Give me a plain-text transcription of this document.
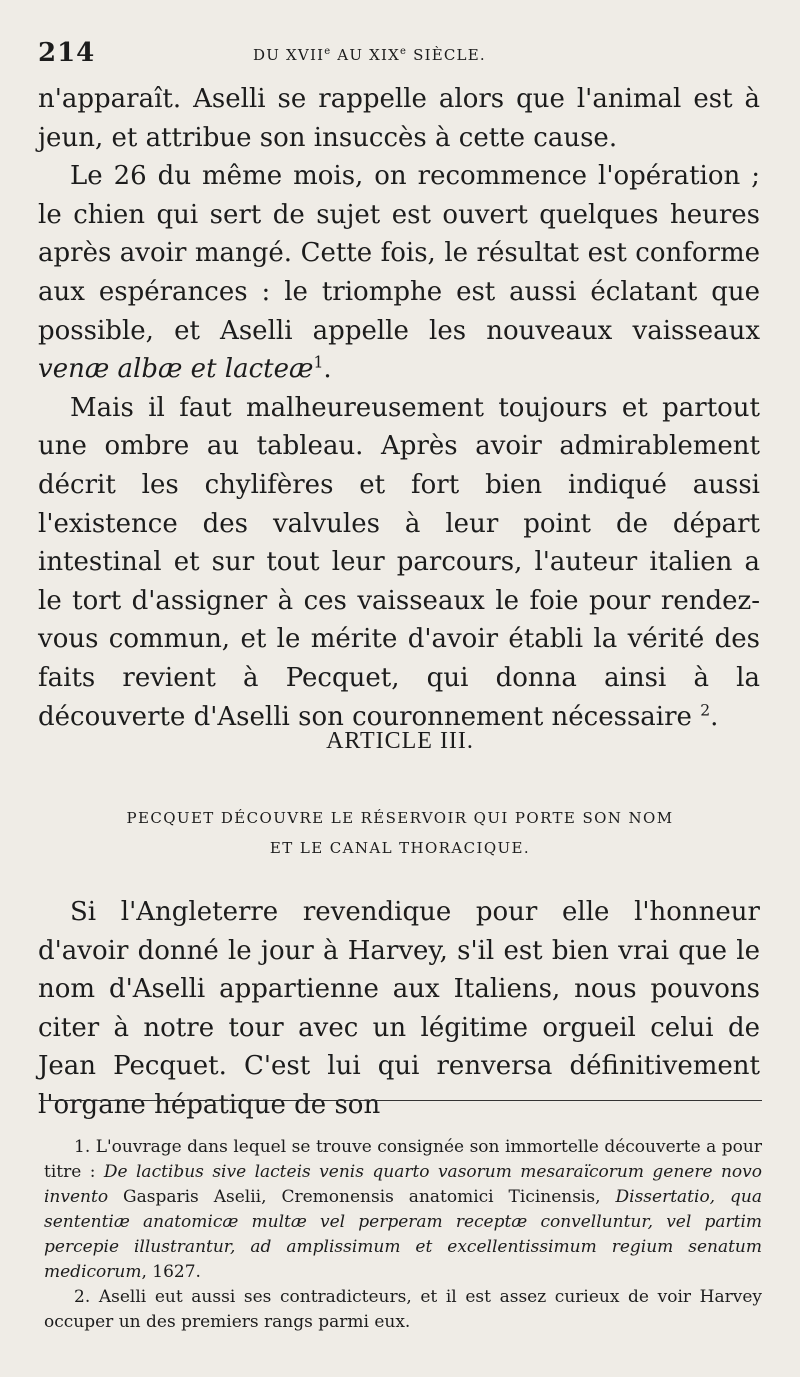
214	DU XVIIe AU XIXe SIÈCLE.

n'apparaît. Aselli se rappelle alors que l'animal est à jeun, et attribue son insuccès à cette cause.

Le 26 du même mois, on recommence l'opération ; le chien qui sert de sujet est ouvert quelques heures après avoir mangé. Cette fois, le résultat est conforme aux espérances : le triomphe est aussi éclatant que possible, et Aselli appelle les nouveaux vaisseaux venæ albæ et lacteæ$^1$.

Mais il faut malheureusement toujours et partout une ombre au tableau. Après avoir admirablement décrit les chylifères et fort bien indiqué aussi l'existence des valvules à leur point de départ intestinal et sur tout leur parcours, l'auteur italien a le tort d'assigner à ces vaisseaux le foie pour rendez-vous commun, et le mérite d'avoir établi la vérité des faits revient à Pecquet, qui donna ainsi à la découverte d'Aselli son couronnement nécessaire $^2$.

ARTICLE III.
PECQUET DÉCOUVRE LE RÉSERVOIR QUI PORTE SON NOM
ET LE CANAL THORACIQUE.

Si l'Angleterre revendique pour elle l'honneur d'avoir donné le jour à Harvey, s'il est bien vrai que le nom d'Aselli appartienne aux Italiens, nous pouvons citer à notre tour avec un légitime orgueil celui de Jean Pecquet. C'est lui qui renversa définitivement l'organe hépatique de son

1. L'ouvrage dans lequel se trouve consignée son immortelle découverte a pour titre : De lactibus sive lacteis venis quarto vasorum mesaraïcorum genere novo invento Gasparis Aselii, Cremonensis anatomici Ticinensis, Dissertatio, qua sententiæ anatomicæ multæ vel perperam receptæ convelluntur, vel partim percepie illustrantur, ad amplissimum et excellentissimum regium senatum medicorum, 1627.

2. Aselli eut aussi ses contradicteurs, et il est assez curieux de voir Harvey occuper un des premiers rangs parmi eux.
